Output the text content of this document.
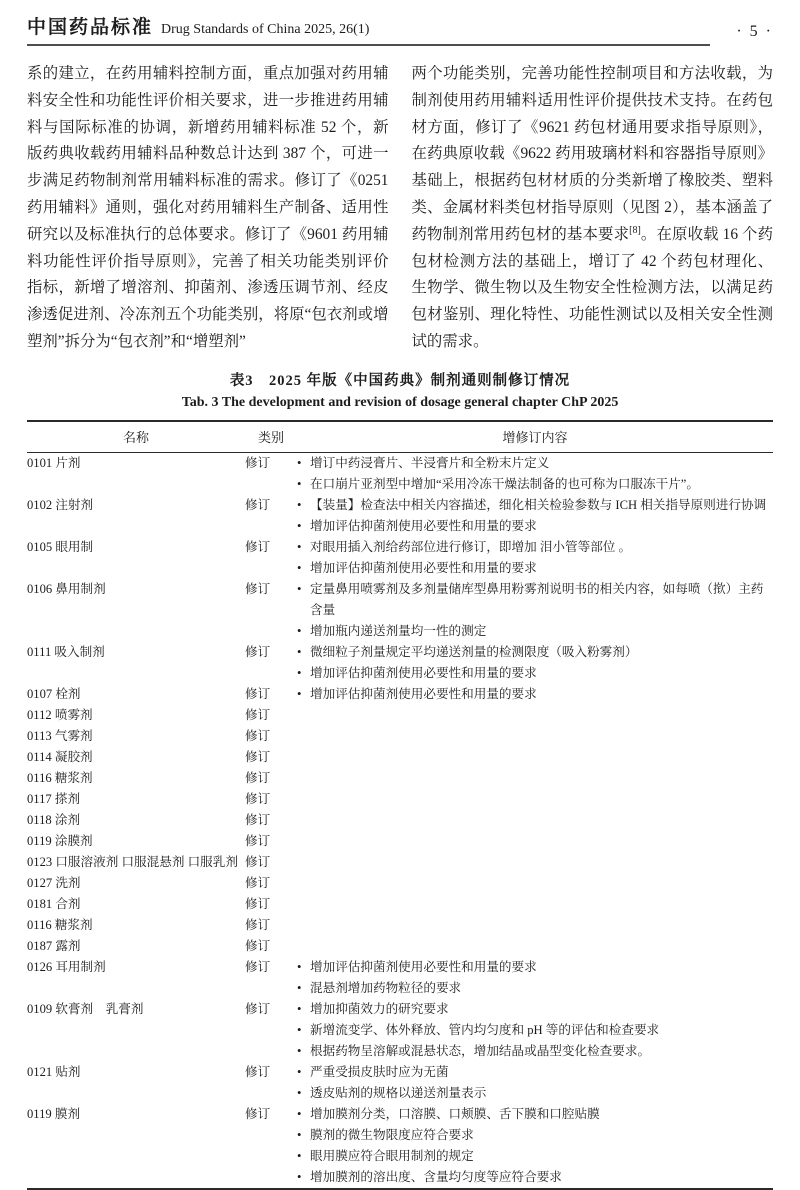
中国药品标准 Drug Standards of China 2025, 26(1)	· 5 ·
系的建立，在药用辅料控制方面，重点加强对药用辅料安全性和功能性评价相关要求，进一步推进药用辅料与国际标准的协调，新增药用辅料标准 52 个，新版药典收载药用辅料品种数总计达到 387 个，可进一步满足药物制剂常用辅料标准的需求。修订了《0251 药用辅料》通则，强化对药用辅料生产制备、适用性研究以及标准执行的总体要求。修订了《9601 药用辅料功能性评价指导原则》，完善了相关功能类别评价指标，新增了增溶剂、抑菌剂、渗透压调节剂、经皮渗透促进剂、冷冻剂五个功能类别，将原“包衣剂或增塑剂”拆分为“包衣剂”和“增塑剂”
两个功能类别，完善功能性控制项目和方法收载，为制剂使用药用辅料适用性评价提供技术支持。在药包材方面，修订了《9621 药包材通用要求指导原则》，在药典原收载《9622 药用玻璃材料和容器指导原则》基础上，根据药包材材质的分类新增了橡胶类、塑料类、金属材料类包材指导原则（见图 2），基本涵盖了药物制剂常用药包材的基本要求[8]。在原收载 16 个药包材检测方法的基础上，增订了 42 个药包材理化、生物学、微生物以及生物安全性检测方法，以满足药包材鉴别、理化特性、功能性测试以及相关安全性测试的需求。
表3　2025 年版《中国药典》制剂通则制修订情况
Tab. 3 The development and revision of dosage general chapter ChP 2025
名称	类别	增修订内容
0101 片剂	修订	• 增订中药浸膏片、半浸膏片和全粉末片定义
• 在口崩片亚剂型中增加“采用冷冻干燥法制备的也可称为口服冻干片”。

0102 注射剂	修订	• 【装量】检查法中相关内容描述，细化相关检验参数与 ICH 相关指导原则进行协调
• 增加评估抑菌剂使用必要性和用量的要求

0105 眼用制	修订	• 对眼用插入剂给药部位进行修订，即增加 泪小管等部位 。
• 增加评估抑菌剂使用必要性和用量的要求

0106 鼻用制剂	修订	• 定量鼻用喷雾剂及多剂量储库型鼻用粉雾剂说明书的相关内容，如每喷（揿）主药含量
• 增加瓶内递送剂量均一性的测定

0111 吸入制剂	修订	• 微细粒子剂量规定平均递送剂量的检测限度（吸入粉雾剂）
• 增加评估抑菌剂使用必要性和用量的要求

0107 栓剂	修订	• 增加评估抑菌剂使用必要性和用量的要求

0112 喷雾剂	修订	
0113 气雾剂	修订	
0114 凝胶剂	修订	
0116 糖浆剂	修订	
0117 搽剂	修订	
0118 涂剂	修订	
0119 涂膜剂	修订	
0123 口服溶液剂 口服混悬剂 口服乳剂	修订	
0127 洗剂	修订	
0181 合剂	修订	
0116 糖浆剂	修订	
0187 露剂	修订	
0126 耳用制剂	修订	• 增加评估抑菌剂使用必要性和用量的要求
• 混悬剂增加药物粒径的要求

0109 软膏剂　乳膏剂	修订	• 增加抑菌效力的研究要求
• 新增流变学、体外释放、管内均匀度和 pH 等的评估和检查要求
• 根据药物呈溶解或混悬状态，增加结晶或晶型变化检查要求。

0121 贴剂	修订	• 严重受损皮肤时应为无菌
• 透皮贴剂的规格以递送剂量表示

0119 膜剂	修订	• 增加膜剂分类，口溶膜、口颊膜、舌下膜和口腔贴膜
• 膜剂的微生物限度应符合要求
• 眼用膜应符合眼用制剂的规定
• 增加膜剂的溶出度、含量均匀度等应符合要求
